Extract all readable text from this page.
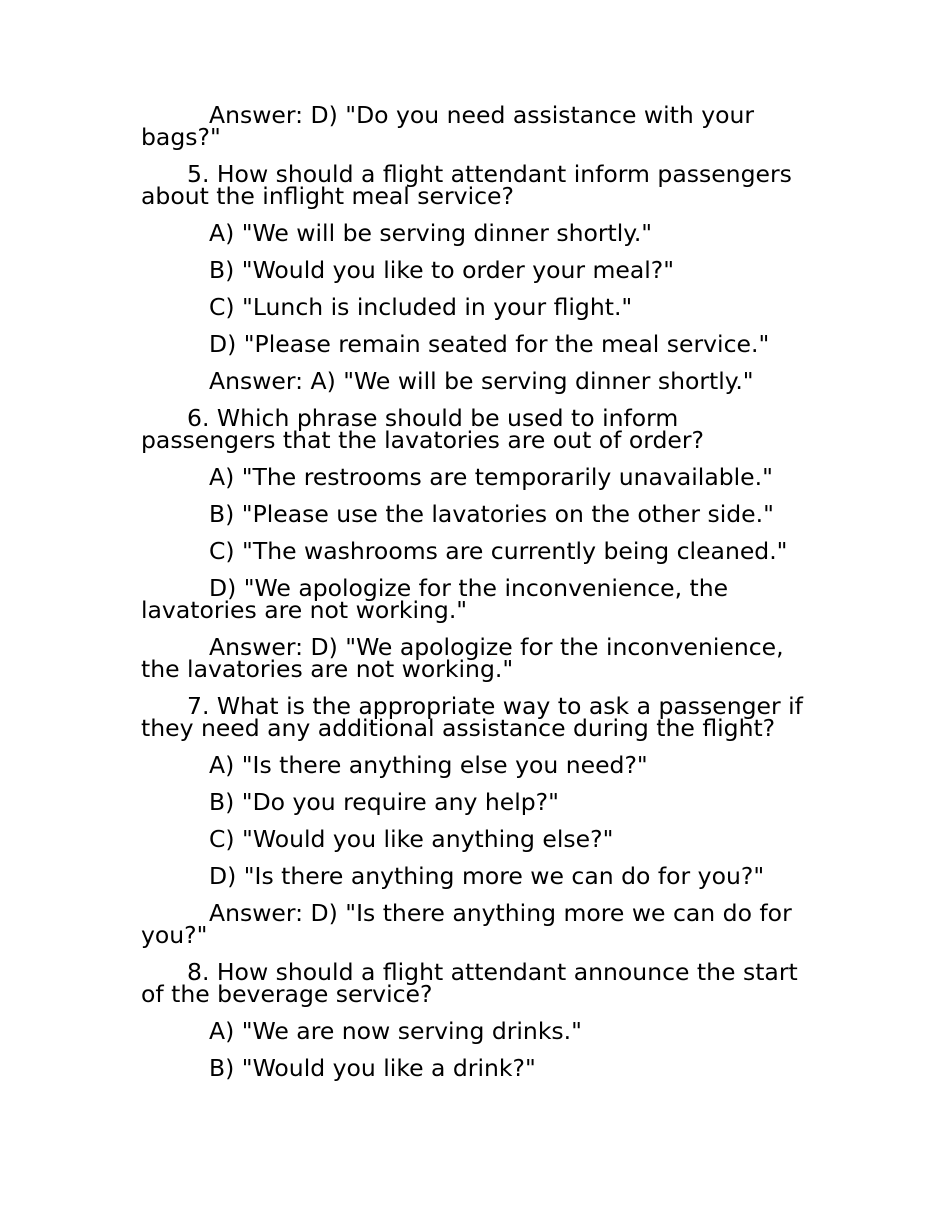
Answer: D) "Do you need assistance with your bags?"

5. How should a flight attendant inform passengers about the inflight meal service?

A) "We will be serving dinner shortly."

B) "Would you like to order your meal?"

C) "Lunch is included in your flight."

D) "Please remain seated for the meal service."

Answer: A) "We will be serving dinner shortly."

6. Which phrase should be used to inform passengers that the lavatories are out of order?

A) "The restrooms are temporarily unavailable."

B) "Please use the lavatories on the other side."

C) "The washrooms are currently being cleaned."

D) "We apologize for the inconvenience, the lavatories are not working."

Answer: D) "We apologize for the inconvenience, the lavatories are not working."

7. What is the appropriate way to ask a passenger if they need any additional assistance during the flight?

A) "Is there anything else you need?"

B) "Do you require any help?"

C) "Would you like anything else?"

D) "Is there anything more we can do for you?"

Answer: D) "Is there anything more we can do for you?"

8. How should a flight attendant announce the start of the beverage service?

A) "We are now serving drinks."

B) "Would you like a drink?"
